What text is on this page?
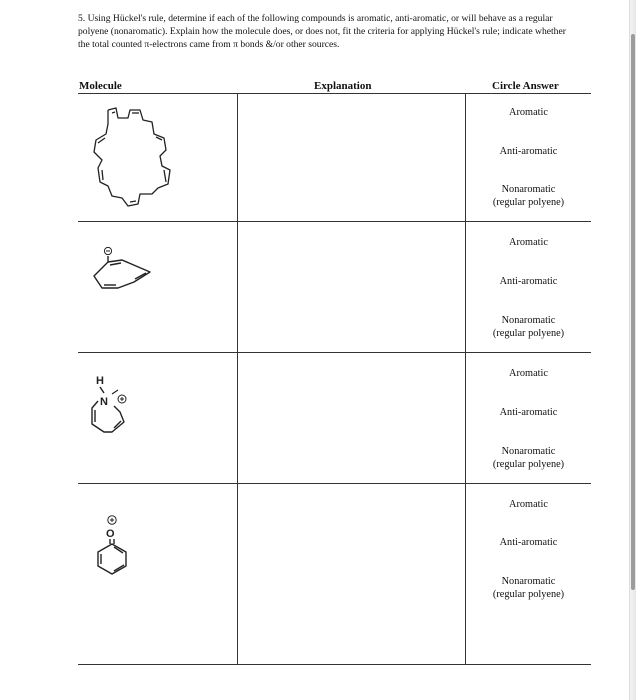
5. Using Hückel's rule, determine if each of the following compounds is aromatic, anti-aromatic, or will behave as a regular polyene (nonaromatic). Explain how the molecule does, or does not, fit the criteria for applying Hückel's rule; indicate whether the total counted π-electrons came from π bonds &/or other sources.

Molecule	Explanation	Circle Answer
Aromatic
Anti-aromatic
Nonaromatic
(regular polyene)
Aromatic
Anti-aromatic
Nonaromatic
(regular polyene)
H
N
Aromatic
Anti-aromatic
Nonaromatic
(regular polyene)
O
Aromatic
Anti-aromatic
Nonaromatic
(regular polyene)
